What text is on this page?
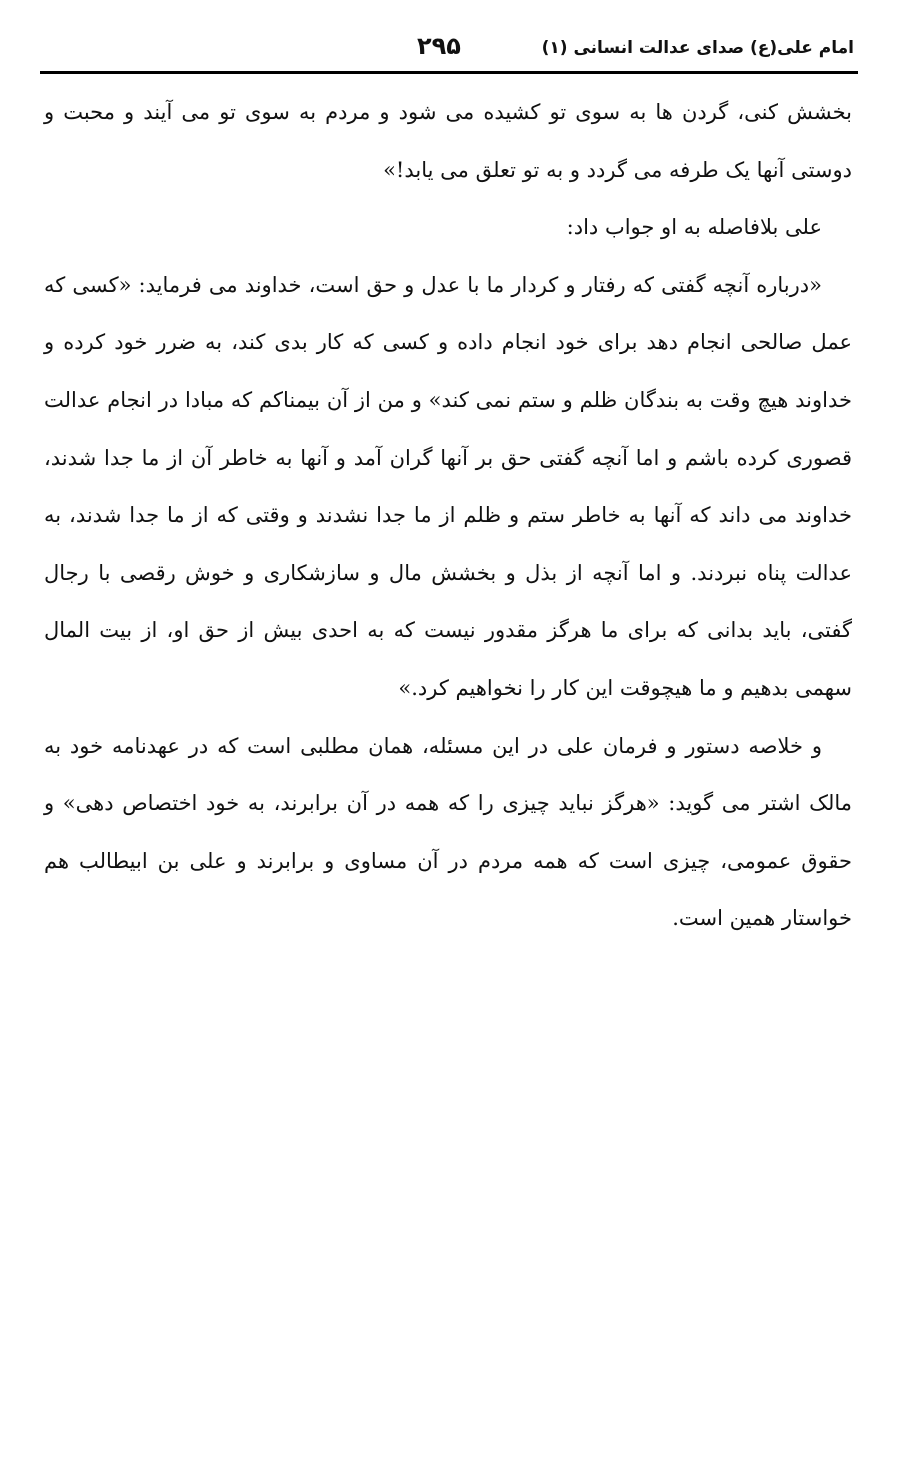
امام علی(ع) صدای عدالت انسانی (۱)
۲۹۵

بخشش کنی، گردن ها به سوی تو کشیده می شود و مردم به سوی تو می آیند و محبت و دوستی آنها یک طرفه می گردد و به تو تعلق می یابد!»

علی بلافاصله به او جواب داد:

«درباره آنچه گفتی که رفتار و کردار ما با عدل و حق است، خداوند می فرماید: «کسی که عمل صالحی انجام دهد برای خود انجام داده و کسی که کار بدی کند، به ضرر خود کرده و خداوند هیچ وقت به بندگان ظلم و ستم نمی کند» و من از آن بیمناکم که مبادا در انجام عدالت قصوری کرده باشم و اما آنچه گفتی حق بر آنها گران آمد و آنها به خاطر آن از ما جدا شدند، خداوند می داند که آنها به خاطر ستم و ظلم از ما جدا نشدند و وقتی که از ما جدا شدند، به عدالت پناه نبردند. و اما آنچه از بذل و بخشش مال و سازشکاری و خوش رقصی با رجال گفتی، باید بدانی که برای ما هرگز مقدور نیست که به احدی بیش از حق او، از بیت المال سهمی بدهیم و ما هیچوقت این کار را نخواهیم کرد.»

و خلاصه دستور و فرمان علی در این مسئله، همان مطلبی است که در عهدنامه خود به مالک اشتر می گوید: «هرگز نباید چیزی را که همه در آن برابرند، به خود اختصاص دهی» و حقوق عمومی، چیزی است که همه مردم در آن مساوی و برابرند و علی بن ابیطالب هم خواستار همین است.
